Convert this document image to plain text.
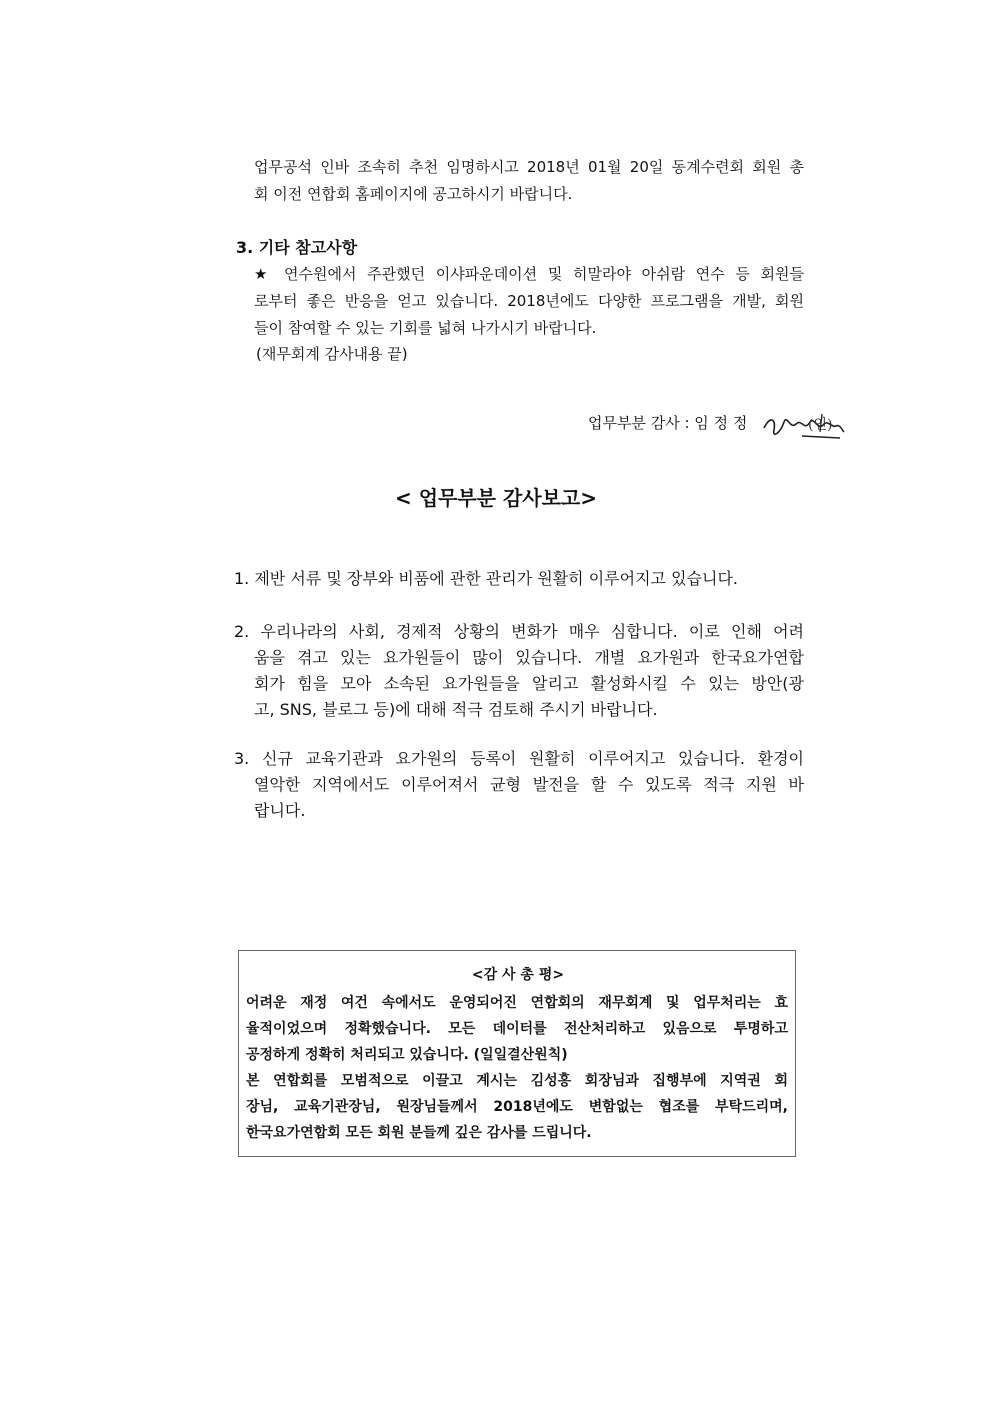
업무공석 인바 조속히 추천 임명하시고 2018년 01월 20일 동계수련회 회원 총

회 이전 연합회 홈페이지에 공고하시기 바랍니다.

3. 기타 참고사항

★ 연수원에서 주관했던 이샤파운데이션 및 히말라야 아쉬람 연수 등 회원들

로부터 좋은 반응을 얻고 있습니다. 2018년에도 다양한 프로그램을 개발, 회원

들이 참여할 수 있는 기회를 넓혀 나가시기 바랍니다.

(재무회계 감사내용 끝)

업무부분 감사 : 임 정 정	(인)
< 업무부분 감사보고>

1. 제반 서류 및 장부와 비품에 관한 관리가 원활히 이루어지고 있습니다.

2. 우리나라의 사회, 경제적 상황의 변화가 매우 심합니다. 이로 인해 어려

움을 겪고 있는 요가원들이 많이 있습니다. 개별 요가원과 한국요가연합

회가 힘을 모아 소속된 요가원들을 알리고 활성화시킬 수 있는 방안(광

고, SNS, 블로그 등)에 대해 적극 검토해 주시기 바랍니다.

3. 신규 교육기관과 요가원의 등록이 원활히 이루어지고 있습니다. 환경이

열악한 지역에서도 이루어져서 균형 발전을 할 수 있도록 적극 지원 바

랍니다.

<감 사 총 평>

어려운 재정 여건 속에서도 운영되어진 연합회의 재무회계 및 업무처리는 효

율적이었으며 정확했습니다. 모든 데이터를 전산처리하고 있음으로 투명하고

공정하게 정확히 처리되고 있습니다. (일일결산원칙)

본 연합회를 모범적으로 이끌고 계시는 김성홍 회장님과 집행부에 지역권 회

장님, 교육기관장님, 원장님들께서 2018년에도 변함없는 협조를 부탁드리며,

한국요가연합회 모든 회원 분들께 깊은 감사를 드립니다.
